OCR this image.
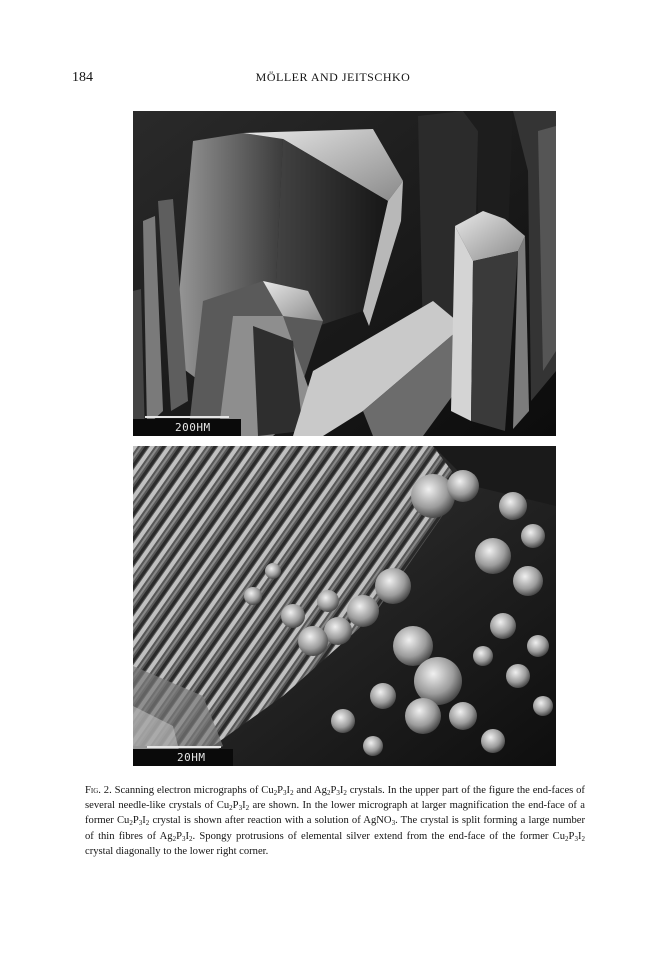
184	MÖLLER AND JEITSCHKO
200HM
20HM
Fig. 2. Scanning electron micrographs of $Cu_2P_3I_2$ and $Ag_2P_3I_2$ crystals. In the upper part of the figure the end-faces of several needle-like crystals of $Cu_2P_3I_2$ are shown. In the lower micrograph at larger magnification the end-face of a former $Cu_2P_3I_2$ crystal is shown after reaction with a solution of AgNO$_3$. The crystal is split forming a large number of thin fibres of $Ag_2P_3I_2$. Spongy protrusions of elemental silver extend from the end-face of the former $Cu_2P_3I_2$ crystal diagonally to the lower right corner.
